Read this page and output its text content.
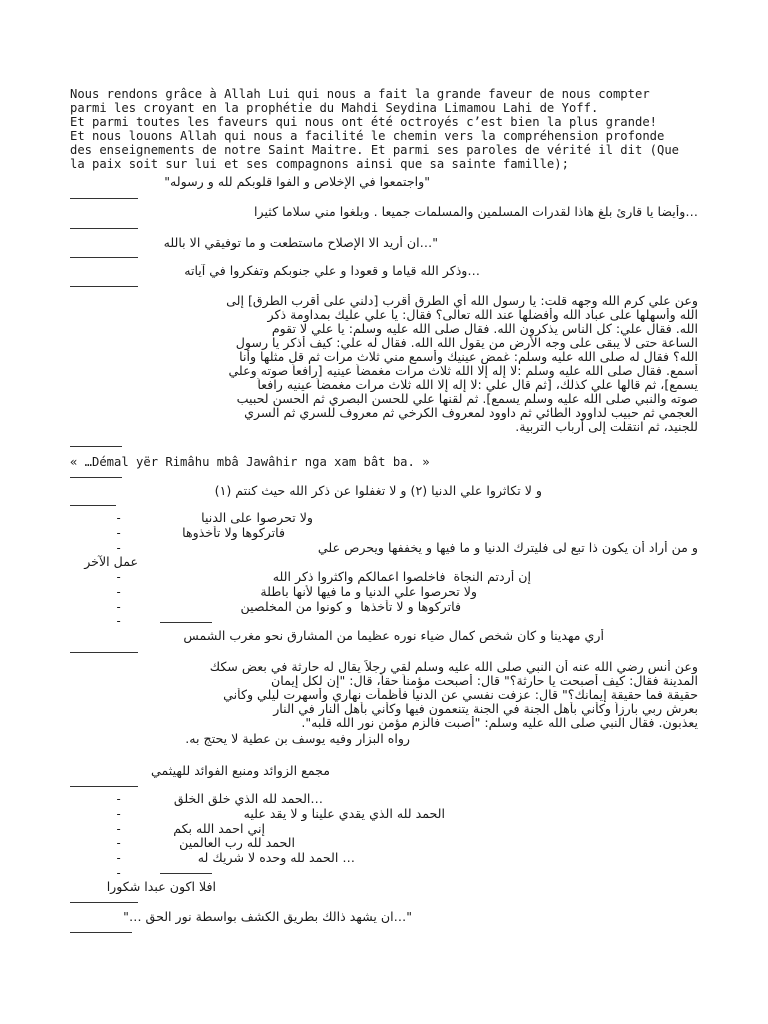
Nous rendons grâce à Allah Lui qui nous a fait la grande faveur de nous compter
parmi les croyant en la prophétie du Mahdi Seydina Limamou Lahi de Yoff.
Et parmi toutes les faveurs qui nous ont été octroyés c’est bien la plus grande!
Et nous louons Allah qui nous a facilité le chemin vers la compréhension profonde
des enseignements de notre Saint Maitre. Et parmi ses paroles de vérité il dit (Que
la paix soit sur lui et ses compagnons ainsi que sa sainte famille);
"واجتمعوا في الإخلاص و الفوا قلوبكم لله و رسوله"
…وأيضا يا قارئ بلغ هاذا لقدرات المسلمين والمسلمات جميعا . وبلغوا مني سلاما كثيرا
"…ان أريد الا الإصلاح ماستطعت و ما توفيقي الا بالله
…وذكر الله قياما و قعودا و علي جنوبكم وتفكروا في آياته
وعن علي كرم الله وجهه قلت: يا رسول الله أي الطرق أقرب [دلني على أقرب الطرق] إلى
الله وأسهلها على عباد الله وأفضلها عند الله تعالى؟ فقال: يا علي عليك بمداومة ذكر
الله. فقال علي: كل الناس يذكرون الله. فقال صلى الله عليه وسلم: يا علي لا تقوم
الساعة حتى لا يبقى على وجه الأرض من يقول الله الله. فقال له علي: كيف أذكر يا رسول
الله؟ فقال له صلى الله عليه وسلم: غمض عينيك وأسمع مني ثلاث مرات ثم قل مثلها وأنا
أسمع. فقال صلى الله عليه وسلم :لا إله إلا الله ثلاث مرات مغمضاً عينيه [رافعاً صوته وعلي
يسمع]، ثم قالها علي كذلك، [ثم قال علي :لا إله إلا الله ثلاث مرات مغمضاً عينيه رافعاً
صوته والنبي صلى الله عليه وسلم يسمع]. ثم لقنها علي للحسن البصري ثم الحسن لحبيب
العجمي ثم حبيب لداوود الطائي ثم داوود لمعروف الكرخي ثم معروف للسري ثم السري
للجنيد، ثم انتقلت إلى أرباب التربية.
« …Démal yër Rimâhu mbâ Jawâhir nga xam bât ba. »
و لا تكاثروا علي الدنيا (٢) و لا تغفلوا عن ذكر الله حيث كنتم (١)
-	ولا تحرصوا على الدنيا
-	فاتركوها ولا تأخذوها
-	و من أراد أن يكون ذا تبع لى فليترك الدنيا و ما فيها و يخففها ويحرص علي
عمل الآخر
-	إن أردتم النجاة  فاخلصوا اعمالكم واكثروا ذكر الله
-	ولا تحرصوا علي الدنيا و ما فيها لأنها باطلة
-	فاتركوها و لا تأخذها  و كونوا من المخلصين
-
أري مهدينا و كان شخص كمال ضياء نوره عظيما من المشارق نحو مغرب الشمس
وعن أنس رضي الله عنه أن النبي صلى الله عليه وسلم لقي رجلاً يقال له حارثة في بعض سكك
المدينة فقال: كيف أصبحت يا حارثة؟" قال: أصبحت مؤمناً حقاً، قال: "إن لكل إيمان
حقيقة فما حقيقة إيمانك؟" قال: عزفت نفسي عن الدنيا فأظمأت نهاري وأسهرت ليلي وكأني
بعرش ربي بارزاً وكأني بأهل الجنة في الجنة يتنعمون فيها وكأني بأهل النار في النار
يعذبون. فقال النبي صلى الله عليه وسلم: "أصبت فالزم مؤمن نور الله قلبه".
رواه البزار وفيه يوسف بن عطية لا يحتج به.
مجمع الزوائد ومنبع الفوائد للهيثمي
-	…الحمد لله الذي خلق الخلق
-	الحمد لله الذي يقدي علينا و لا يقد عليه
-	إني احمد الله بكم
-	الحمد لله رب العالمين
-	… الحمد لله وحده لا شريك له
-
افلا اكون عبدا شكورا
"…ان يشهد ذالك بطريق الكشف بواسطة نور الحق …"
